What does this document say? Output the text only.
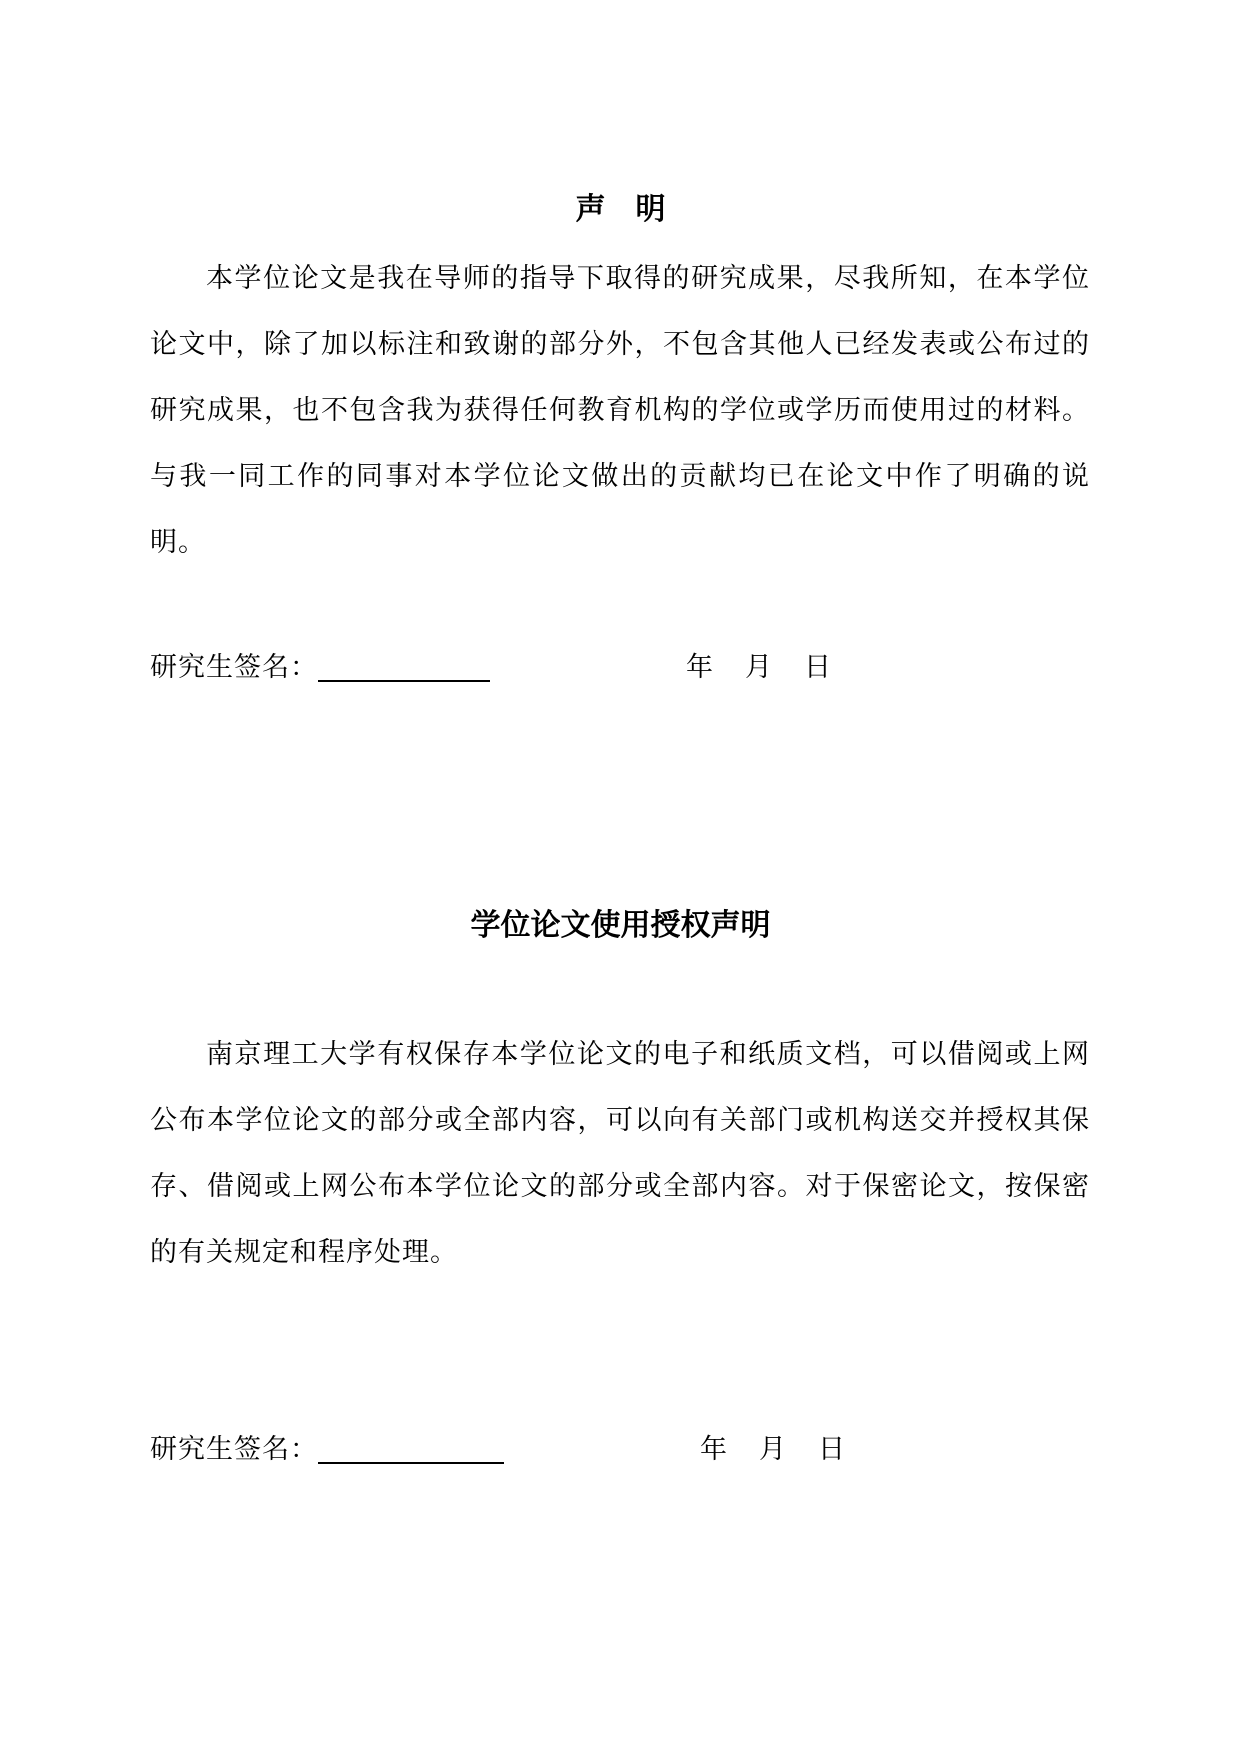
声明

本学位论文是我在导师的指导下取得的研究成果，尽我所知，在本学位论文中，除了加以标注和致谢的部分外，不包含其他人已经发表或公布过的研究成果，也不包含我为获得任何教育机构的学位或学历而使用过的材料。与我一同工作的同事对本学位论文做出的贡献均已在论文中作了明确的说明。

研究生签名：	年 月 日
学位论文使用授权声明

南京理工大学有权保存本学位论文的电子和纸质文档，可以借阅或上网公布本学位论文的部分或全部内容，可以向有关部门或机构送交并授权其保存、借阅或上网公布本学位论文的部分或全部内容。对于保密论文，按保密的有关规定和程序处理。

研究生签名：	年 月 日
